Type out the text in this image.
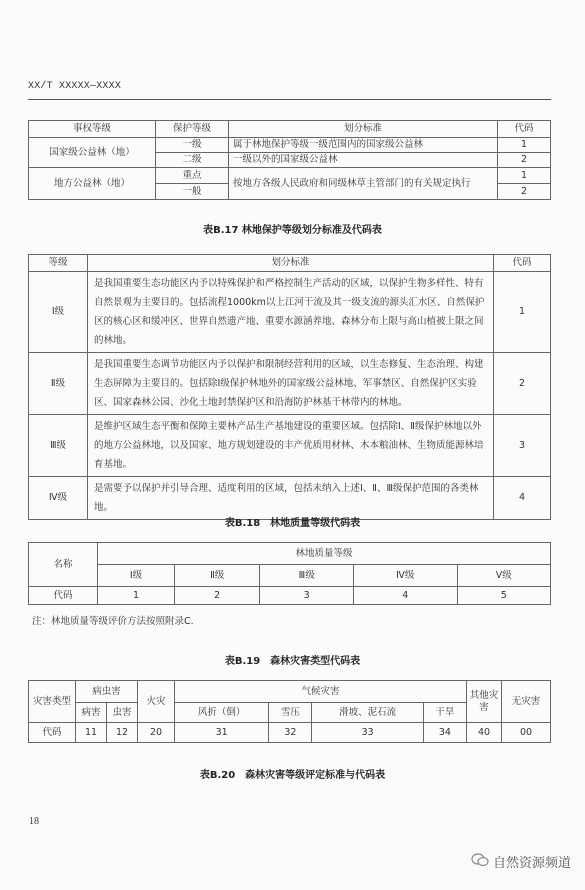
XX/T XXXXX—XXXX
事权等级	保护等级	划分标准	代码
国家级公益林（地）	一级	属于林地保护等级一级范围内的国家级公益林	1
	二级	一级以外的国家级公益林	2
地方公益林（地）	重点	按地方各级人民政府和同级林草主管部门的有关规定执行	1
	一般		2
表B.17 林地保护等级划分标准及代码表
等级	划分标准	代码
Ⅰ级	是我国重要生态功能区内予以特殊保护和严格控制生产活动的区域，以保护生物多样性、特有自然景观为主要目的。包括流程1000km以上江河干流及其一级支流的源头汇水区、自然保护区的核心区和缓冲区、世界自然遗产地、重要水源涵养地、森林分布上限与高山植被上限之间的林地。	1
Ⅱ级	是我国重要生态调节功能区内予以保护和限制经营利用的区域，以生态修复、生态治理、构建生态屏障为主要目的。包括除Ⅰ级保护林地外的国家级公益林地、军事禁区、自然保护区实验区、国家森林公园、沙化土地封禁保护区和沿海防护林基干林带内的林地。	2
Ⅲ级	是维护区域生态平衡和保障主要林产品生产基地建设的重要区域。包括除Ⅰ、Ⅱ级保护林地以外的地方公益林地，以及国家、地方规划建设的丰产优质用材林、木本粮油林、生物质能源林培育基地。	3
Ⅳ级	是需要予以保护并引导合理、适度利用的区域，包括未纳入上述Ⅰ、Ⅱ、Ⅲ级保护范围的各类林地。	4
表B.18　林地质量等级代码表
名称	林地质量等级				
	Ⅰ级	Ⅱ级	Ⅲ级	Ⅳ级	Ⅴ级
代码	1	2	3	4	5
注：林地质量等级评价方法按照附录C.
表B.19　森林灾害类型代码表
灾害类型	病虫害		火灾	气候灾害				其他灾害	无灾害
	病害	虫害		风折（倒）	雪压	滑坡、泥石流	干旱		
代码	11	12	20	31	32	33	34	40	00
表B.20　森林灾害等级评定标准与代码表
18
自然资源频道
